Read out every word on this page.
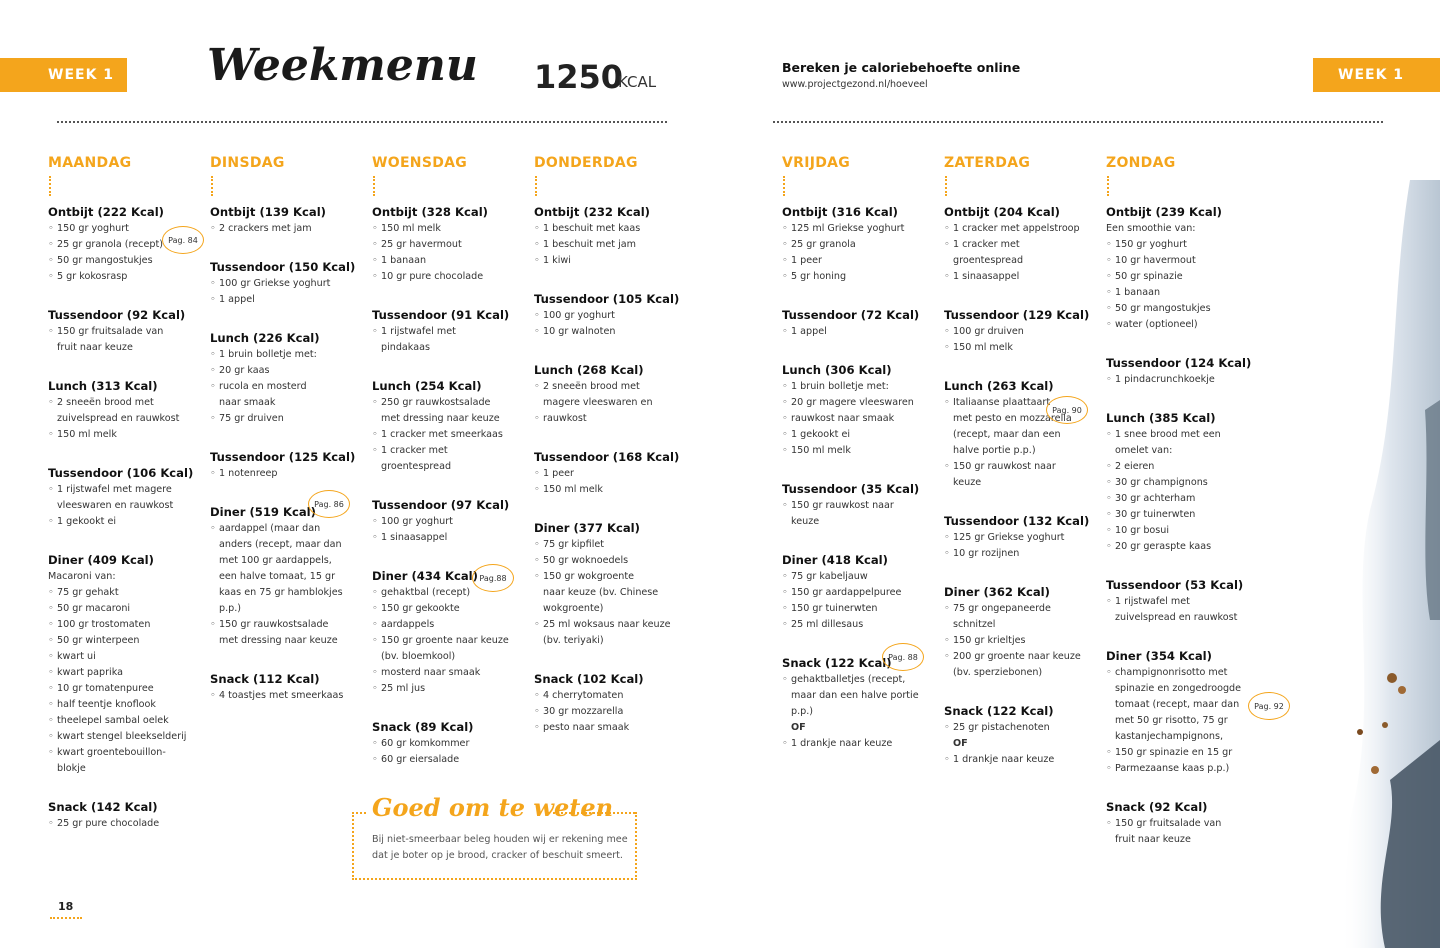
WEEK 1	WEEK 1
Weekmenu 1250
KCAL
Bereken je caloriebehoefte online
www.projectgezond.nl/hoeveel
MAANDAG
Ontbijt (222 Kcal)
◦ 150 gr yoghurt
◦ 25 gr granola (recept)
◦ 50 gr mangostukjes
◦ 5 gr kokosrasp
Pag. 84
Tussendoor (92 Kcal)
◦ 150 gr fruitsalade van
fruit naar keuze
Lunch (313 Kcal)
◦ 2 sneeën brood met
zuivelspread en rauwkost
◦ 150 ml melk
Tussendoor (106 Kcal)
◦ 1 rijstwafel met magere
vleeswaren en rauwkost
◦ 1 gekookt ei
Diner (409 Kcal)
Macaroni van:
◦ 75 gr gehakt
◦ 50 gr macaroni
◦ 100 gr trostomaten
◦ 50 gr winterpeen
◦ kwart ui
◦ kwart paprika
◦ 10 gr tomatenpuree
◦ half teentje knoflook
◦ theelepel sambal oelek
◦ kwart stengel bleekselderij
◦ kwart groentebouillon-
blokje
Snack (142 Kcal)
◦ 25 gr pure chocolade
DINSDAG
Ontbijt (139 Kcal)
◦ 2 crackers met jam
Tussendoor (150 Kcal)
◦ 100 gr Griekse yoghurt
◦ 1 appel
Lunch (226 Kcal)
◦ 1 bruin bolletje met:
◦ 20 gr kaas
◦ rucola en mosterd
naar smaak
◦ 75 gr druiven
Tussendoor (125 Kcal)
◦ 1 notenreep
Diner (519 Kcal)
◦ aardappel (maar dan
anders (recept, maar dan
met 100 gr aardappels,
een halve tomaat, 15 gr
kaas en 75 gr hamblokjes
p.p.)
◦ 150 gr rauwkostsalade
met dressing naar keuze
Pag. 86
Snack (112 Kcal)
◦ 4 toastjes met smeerkaas
WOENSDAG
Ontbijt (328 Kcal)
◦ 150 ml melk
◦ 25 gr havermout
◦ 1 banaan
◦ 10 gr pure chocolade
Tussendoor (91 Kcal)
◦ 1 rijstwafel met
pindakaas
Lunch (254 Kcal)
◦ 250 gr rauwkostsalade
met dressing naar keuze
◦ 1 cracker met smeerkaas
◦ 1 cracker met
groentespread
Tussendoor (97 Kcal)
◦ 100 gr yoghurt
◦ 1 sinaasappel
Diner (434 Kcal)
◦ gehaktbal (recept)
◦ 150 gr gekookte
◦ aardappels
◦ 150 gr groente naar keuze
(bv. bloemkool)
◦ mosterd naar smaak
◦ 25 ml jus
Pag.88
Snack (89 Kcal)
◦ 60 gr komkommer
◦ 60 gr eiersalade
DONDERDAG
Ontbijt (232 Kcal)
◦ 1 beschuit met kaas
◦ 1 beschuit met jam
◦ 1 kiwi
Tussendoor (105 Kcal)
◦ 100 gr yoghurt
◦ 10 gr walnoten
Lunch (268 Kcal)
◦ 2 sneeën brood met
magere vleeswaren en
◦ rauwkost
Tussendoor (168 Kcal)
◦ 1 peer
◦ 150 ml melk
Diner (377 Kcal)
◦ 75 gr kipfilet
◦ 50 gr woknoedels
◦ 150 gr wokgroente
naar keuze (bv. Chinese
wokgroente)
◦ 25 ml woksaus naar keuze
(bv. teriyaki)
Snack (102 Kcal)
◦ 4 cherrytomaten
◦ 30 gr mozzarella
◦ pesto naar smaak
VRIJDAG
Ontbijt (316 Kcal)
◦ 125 ml Griekse yoghurt
◦ 25 gr granola
◦ 1 peer
◦ 5 gr honing
Tussendoor (72 Kcal)
◦ 1 appel
Lunch (306 Kcal)
◦ 1 bruin bolletje met:
◦ 20 gr magere vleeswaren
◦ rauwkost naar smaak
◦ 1 gekookt ei
◦ 150 ml melk
Tussendoor (35 Kcal)
◦ 150 gr rauwkost naar
keuze
Diner (418 Kcal)
◦ 75 gr kabeljauw
◦ 150 gr aardappelpuree
◦ 150 gr tuinerwten
◦ 25 ml dillesaus
Snack (122 Kcal)
◦ gehaktballetjes (recept,
maar dan een halve portie
p.p.)
OF
◦ 1 drankje naar keuze
Pag. 88
ZATERDAG
Ontbijt (204 Kcal)
◦ 1 cracker met appelstroop
◦ 1 cracker met
groentespread
◦ 1 sinaasappel
Tussendoor (129 Kcal)
◦ 100 gr druiven
◦ 150 ml melk
Lunch (263 Kcal)
◦ Italiaanse plaattaart
met pesto en mozzarella
(recept, maar dan een
halve portie p.p.)
◦ 150 gr rauwkost naar
keuze
Pag. 90
Tussendoor (132 Kcal)
◦ 125 gr Griekse yoghurt
◦ 10 gr rozijnen
Diner (362 Kcal)
◦ 75 gr ongepaneerde
schnitzel
◦ 150 gr krieltjes
◦ 200 gr groente naar keuze
(bv. sperziebonen)
Snack (122 Kcal)
◦ 25 gr pistachenoten
OF
◦ 1 drankje naar keuze
ZONDAG
Ontbijt (239 Kcal)
Een smoothie van:
◦ 150 gr yoghurt
◦ 10 gr havermout
◦ 50 gr spinazie
◦ 1 banaan
◦ 50 gr mangostukjes
◦ water (optioneel)
Tussendoor (124 Kcal)
◦ 1 pindacrunchkoekje
Lunch (385 Kcal)
◦ 1 snee brood met een
omelet van:
◦ 2 eieren
◦ 30 gr champignons
◦ 30 gr achterham
◦ 30 gr tuinerwten
◦ 10 gr bosui
◦ 20 gr geraspte kaas
Tussendoor (53 Kcal)
◦ 1 rijstwafel met
zuivelspread en rauwkost
Diner (354 Kcal)
◦ champignonrisotto met
spinazie en zongedroogde
tomaat (recept, maar dan
met 50 gr risotto, 75 gr
kastanjechampignons,
◦ 150 gr spinazie en 15 gr
◦ Parmezaanse kaas p.p.)
Pag. 92
Snack (92 Kcal)
◦ 150 gr fruitsalade van
fruit naar keuze
Goed om te weten
Bij niet-smeerbaar beleg houden wij er rekening mee dat je boter op je brood, cracker of beschuit smeert.
18
